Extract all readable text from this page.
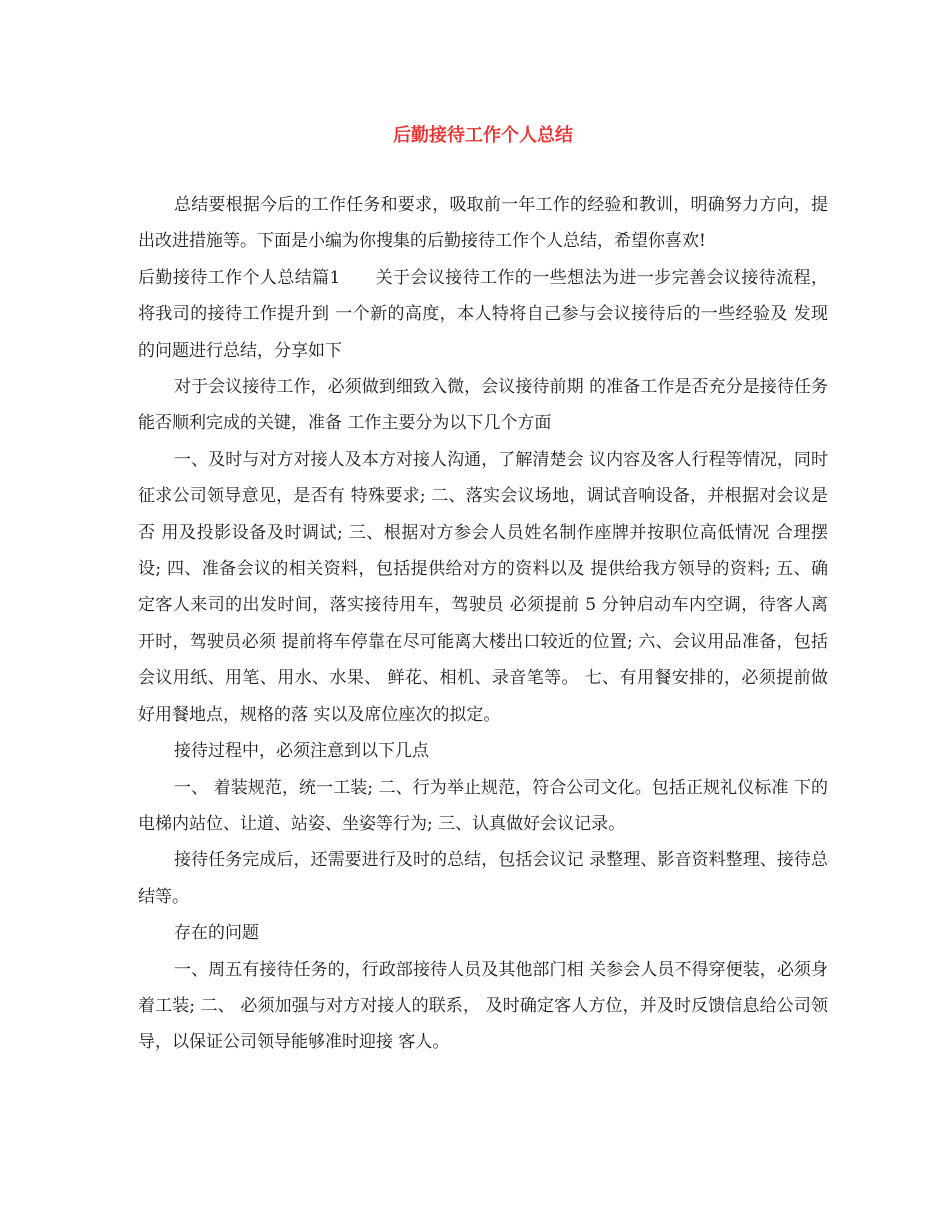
后勤接待工作个人总结

总结要根据今后的工作任务和要求，吸取前一年工作的经验和教训，明确努力方向，提出改进措施等。下面是小编为你搜集的后勤接待工作个人总结，希望你喜欢!

后勤接待工作个人总结篇1　　关于会议接待工作的一些想法为进一步完善会议接待流程，将我司的接待工作提升到 一个新的高度，本人特将自己参与会议接待后的一些经验及 发现的问题进行总结，分享如下

对于会议接待工作，必须做到细致入微，会议接待前期 的准备工作是否充分是接待任务能否顺利完成的关键，准备 工作主要分为以下几个方面

一、及时与对方对接人及本方对接人沟通，了解清楚会 议内容及客人行程等情况，同时征求公司领导意见，是否有 特殊要求; 二、落实会议场地，调试音响设备，并根据对会议是否 用及投影设备及时调试; 三、根据对方参会人员姓名制作座牌并按职位高低情况 合理摆设; 四、准备会议的相关资料，包括提供给对方的资料以及 提供给我方领导的资料; 五、确定客人来司的出发时间，落实接待用车，驾驶员 必须提前 5 分钟启动车内空调，待客人离开时，驾驶员必须 提前将车停靠在尽可能离大楼出口较近的位置; 六、会议用品准备，包括会议用纸、用笔、用水、水果、 鲜花、相机、录音笔等。 七、有用餐安排的，必须提前做好用餐地点，规格的落 实以及席位座次的拟定。

接待过程中，必须注意到以下几点

一、 着装规范，统一工装; 二、行为举止规范，符合公司文化。包括正规礼仪标准 下的电梯内站位、让道、站姿、坐姿等行为; 三、认真做好会议记录。

接待任务完成后，还需要进行及时的总结，包括会议记 录整理、影音资料整理、接待总结等。

存在的问题

一、周五有接待任务的，行政部接待人员及其他部门相 关参会人员不得穿便装，必须身着工装; 二、 必须加强与对方对接人的联系， 及时确定客人方位，并及时反馈信息给公司领导，以保证公司领导能够准时迎接 客人。
